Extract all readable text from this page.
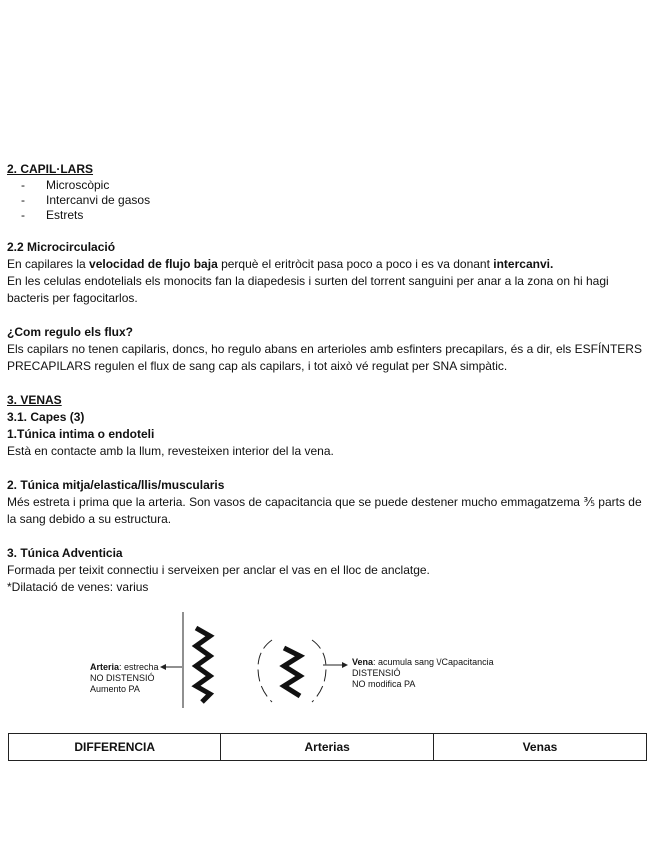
2. CAPIL·LARS
- Microscòpic
- Intercanvi de gasos
- Estrets
2.2 Microcirculació

En capilares la velocidad de flujo baja perquè el eritròcit pasa poco a poco i es va donant intercanvi.

En les celulas endotelials els monocits fan la diapedesis i surten del torrent sanguini per anar a la zona on hi hagi bacteris per fagocitarlos.

¿Com regulo els flux?

Els capilars no tenen capilaris, doncs, ho regulo abans en arterioles amb esfinters precapilars, és a dir, els ESFÍNTERS PRECAPILARS regulen el flux de sang cap als capilars, i tot això vé regulat per SNA simpàtic.

3. VENAS
3.1. Capes (3)
1.Túnica intima o endoteli

Està en contacte amb la llum, revesteixen interior del la vena.

2. Túnica mitja/elastica/llis/muscularis

Més estreta i prima que la arteria. Son vasos de capacitancia que se puede destener mucho emmagatzema ⅗ parts de la sang debido a su estructura.

3. Túnica Adventicia

Formada per teixit connectiu i serveixen per anclar el vas en el lloc de anclatge.

*Dilatació de venes: varius

Arteria: estrecha
NO DISTENSIÓ
Aumento PA
Vena: acumula sang \/Capacitancia
DISTENSIÓ
NO modifica PA
DIFFERENCIA	Arterias	Venas
